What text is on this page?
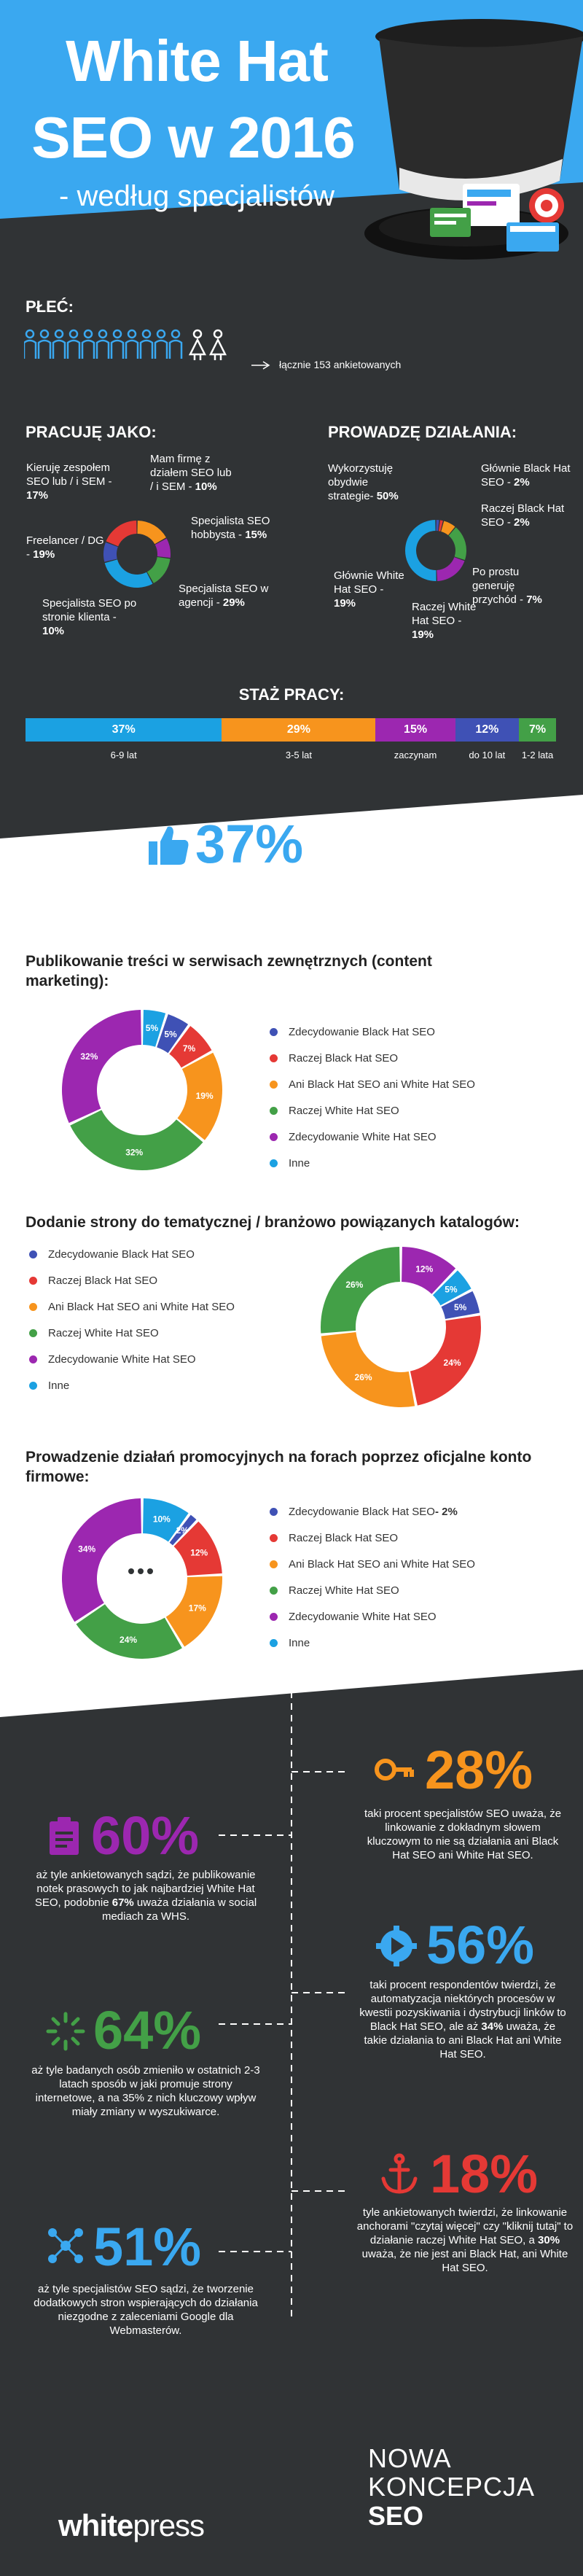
White Hat
SEO w 2016
- według specjalistów
PŁEĆ:
łącznie 153 ankietowanych
PRACUJĘ JAKO:
Kieruję zespołem SEO lub / i SEM - 17%
Mam firmę z działem SEO lub / i SEM - 10%
Freelancer / DG - 19%
Specjalista SEO hobbysta - 15%
Specjalista SEO po stronie klienta - 10%
Specjalista SEO w agencji - 29%
PROWADZĘ DZIAŁANIA:
Wykorzystuję obydwie strategie- 50%
Głównie Black Hat SEO - 2%
Raczej Black Hat SEO - 2%
Głównie White Hat SEO - 19%
Po prostu generuję przychód - 7%
Raczej White Hat SEO - 19%
STAŻ PRACY:
37%	29%	15%	12%	7%
6-9 lat	3-5 lat	zaczynam	do 10 lat	1-2 lata
37%	taki procent specjalistów SEO uważa,że prowadzi z sukcesem działania w oparciu o wytyczne Google dla Webmasterów.
Publikowanie treści w serwisach zewnętrznych (content marketing):
5%
5%
7%
19%
32%
32%
Zdecydowanie Black Hat SEO
Raczej Black Hat SEO
Ani Black Hat SEO ani White Hat SEO
Raczej White Hat SEO
Zdecydowanie White Hat SEO
Inne
Dodanie strony do tematycznej / branżowo powiązanych katalogów:
Zdecydowanie Black Hat SEO
Raczej Black Hat SEO
Ani Black Hat SEO ani White Hat SEO
Raczej White Hat SEO
Zdecydowanie White Hat SEO
Inne
12%
5%
5%
24%
26%
26%
Prowadzenie działań promocyjnych na forach poprzez oficjalne konto firmowe:
10%
2%
12%
17%
24%
34%
Zdecydowanie Black Hat SEO - 2%
Raczej Black Hat SEO
Ani Black Hat SEO ani White Hat SEO
Raczej White Hat SEO
Zdecydowanie White Hat SEO
Inne
28%
taki procent specjalistów SEO uważa, że linkowanie z dokładnym słowem kluczowym to nie są działania ani Black Hat SEO ani White Hat SEO.
60%
aż tyle ankietowanych sądzi, że publikowanie notek prasowych to jak najbardziej White Hat SEO, podobnie 67% uważa działania w social mediach za WHS.	56%
taki procent respondentów twierdzi, że automatyzacja niektórych procesów w kwestii pozyskiwania i dystrybucji linków to Black Hat SEO, ale aż 34% uważa, że takie działania to ani Black Hat ani White Hat SEO.
64%
aż tyle badanych osób zmieniło w ostatnich 2-3 latach sposób w jaki promuje strony internetowe, a na 35% z nich kluczowy wpływ miały zmiany w wyszukiwarce.
18%
tyle ankietowanych twierdzi, że linkowanie anchorami "czytaj więcej" czy "kliknij tutaj" to działanie raczej White Hat SEO, a 30% uważa, że nie jest ani Black Hat, ani White Hat SEO.
51%
aż tyle specjalistów SEO sądzi, że tworzenie dodatkowych stron wspierających do działania niezgodne z zaleceniami Google dla Webmasterów.
whitepress
NOWA
KONCEPCJA
SEO
